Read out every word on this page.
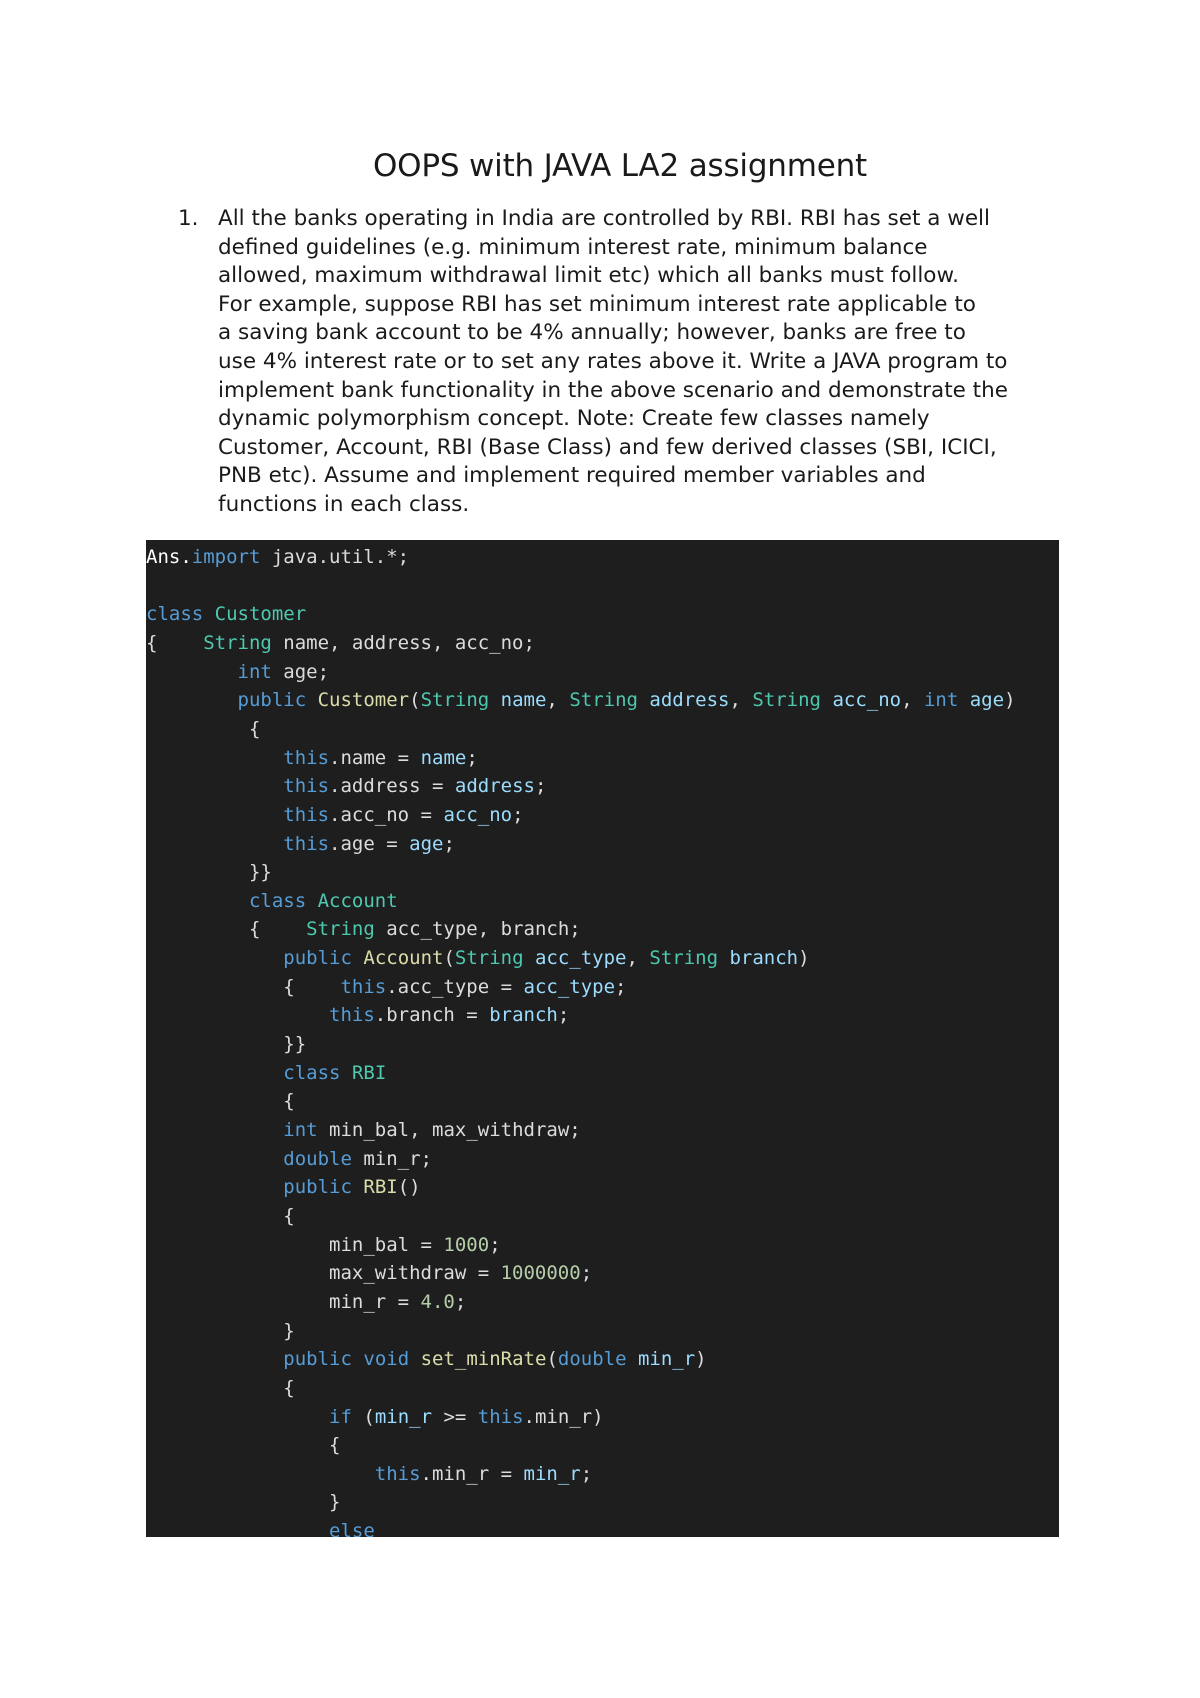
OOPS with JAVA LA2 assignment
1. All the banks operating in India are controlled by RBI. RBI has set a well
defined guidelines (e.g. minimum interest rate, minimum balance
allowed, maximum withdrawal limit etc) which all banks must follow.
For example, suppose RBI has set minimum interest rate applicable to
a saving bank account to be 4% annually; however, banks are free to
use 4% interest rate or to set any rates above it. Write a JAVA program to
implement bank functionality in the above scenario and demonstrate the
dynamic polymorphism concept. Note: Create few classes namely
Customer, Account, RBI (Base Class) and few derived classes (SBI, ICICI,
PNB etc). Assume and implement required member variables and
functions in each class.
Ans.import java.util.*;
class Customer
{    String name, address, acc_no;
int age;
public Customer(String name, String address, String acc_no, int age)
{
this.name = name;
this.address = address;
this.acc_no = acc_no;
this.age = age;
}}
class Account
{    String acc_type, branch;
public Account(String acc_type, String branch)
{    this.acc_type = acc_type;
this.branch = branch;
}}
class RBI
{
int min_bal, max_withdraw;
double min_r;
public RBI()
{
min_bal = 1000;
max_withdraw = 1000000;
min_r = 4.0;
}
public void set_minRate(double min_r)
{
if (min_r >= this.min_r)
{
this.min_r = min_r;
}
else
